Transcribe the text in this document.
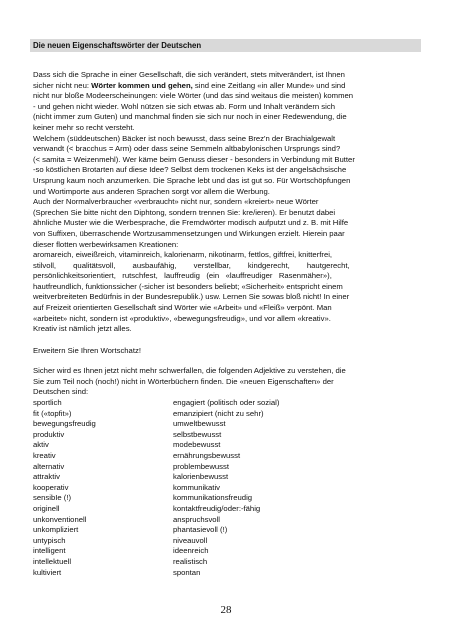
Die neuen Eigenschaftswörter der Deutschen
Dass sich die Sprache in einer Gesellschaft, die sich verändert, stets mitverändert, ist Ihnen
sicher nicht neu: Wörter kommen und gehen, sind eine Zeitlang «in aller Munde» und sind
nicht nur bloße Modeerscheinungen: viele Wörter (und das sind weitaus die meisten) kommen
- und gehen nicht wieder. Wohl nützen sie sich etwas ab. Form und Inhalt verändern sich
(nicht immer zum Guten) und manchmal finden sie sich nur noch in einer Redewendung, die
keiner mehr so recht versteht.
Welchem (süddeutschen) Bäcker ist noch bewusst, dass seine Brez'n der Brachialgewalt
verwandt (< bracchus = Arm) oder dass seine Semmeln altbabylonischen Ursprungs sind?
(< samita = Weizenmehl). Wer käme beim Genuss dieser - besonders in Verbindung mit Butter
-so köstlichen Brotarten auf diese Idee? Selbst dem trockenen Keks ist der angelsächsische
Ursprung kaum noch anzumerken. Die Sprache lebt und das ist gut so. Für Wortschöpfungen
und Wortimporte aus anderen Sprachen sorgt vor allem die Werbung.
Auch der Normalverbraucher «verbraucht» nicht nur, sondern «kreiert» neue Wörter
(Sprechen Sie bitte nicht den Diphtong, sondern trennen Sie: kre/ieren). Er benutzt dabei
ähnliche Muster wie die Werbesprache, die Fremdwörter modisch aufputzt und z. B. mit Hilfe
von Suffixen, überraschende Wortzusammensetzungen und Wirkungen erzielt. Hierein paar
dieser flotten werbewirksamen Kreationen:
aromareich, eiweißreich, vitaminreich, kalorienarm, nikotinarm, fettlos, giftfrei, knitterfrei,
stilvoll,        qualitätsvoll,        ausbaufähig,        verstellbar,        kindgerecht,        hautgerecht,
persönlichkeitsorientiert,   rutschfest,   lauffreudig   (ein   «lauffreudiger   Rasenmäher»),
hautfreundlich, funktionssicher (-sicher ist besonders beliebt; «Sicherheit» entspricht einem
weitverbreiteten Bedürfnis in der Bundesrepublik.) usw. Lernen Sie sowas bloß nicht! In einer
auf Freizeit orientierten Gesellschaft sind Wörter wie «Arbeit» und «Fleiß» verpönt. Man
«arbeitet» nicht, sondern ist «produktiv», «bewegungsfreudig», und vor allem «kreativ».
Kreativ ist nämlich jetzt alles.

Erweitern Sie Ihren Wortschatz!

Sicher wird es Ihnen jetzt nicht mehr schwerfallen, die folgenden Adjektive zu verstehen, die
Sie zum Teil noch (noch!) nicht in Wörterbüchern finden. Die «neuen Eigenschaften» der
Deutschen sind:
sportlich	engagiert (politisch oder sozial)
fit («topfit»)	emanzipiert (nicht zu sehr)
bewegungsfreudig	umweltbewusst
produktiv	selbstbewusst
aktiv	modebewusst
kreativ	ernährungsbewusst
alternativ	problembewusst
attraktiv	kalorienbewusst
kooperativ	kommunikativ
sensibIe (!)	kommunikationsfreudig
originell	kontaktfreudig/oder:-fähig
unkonventionell	anspruchsvoll
unkompliziert	phantasievoll (!)
untypisch	niveauvoll
intelligent	ideenreich
intellektuell	realistisch
kultiviert	spontan
28
